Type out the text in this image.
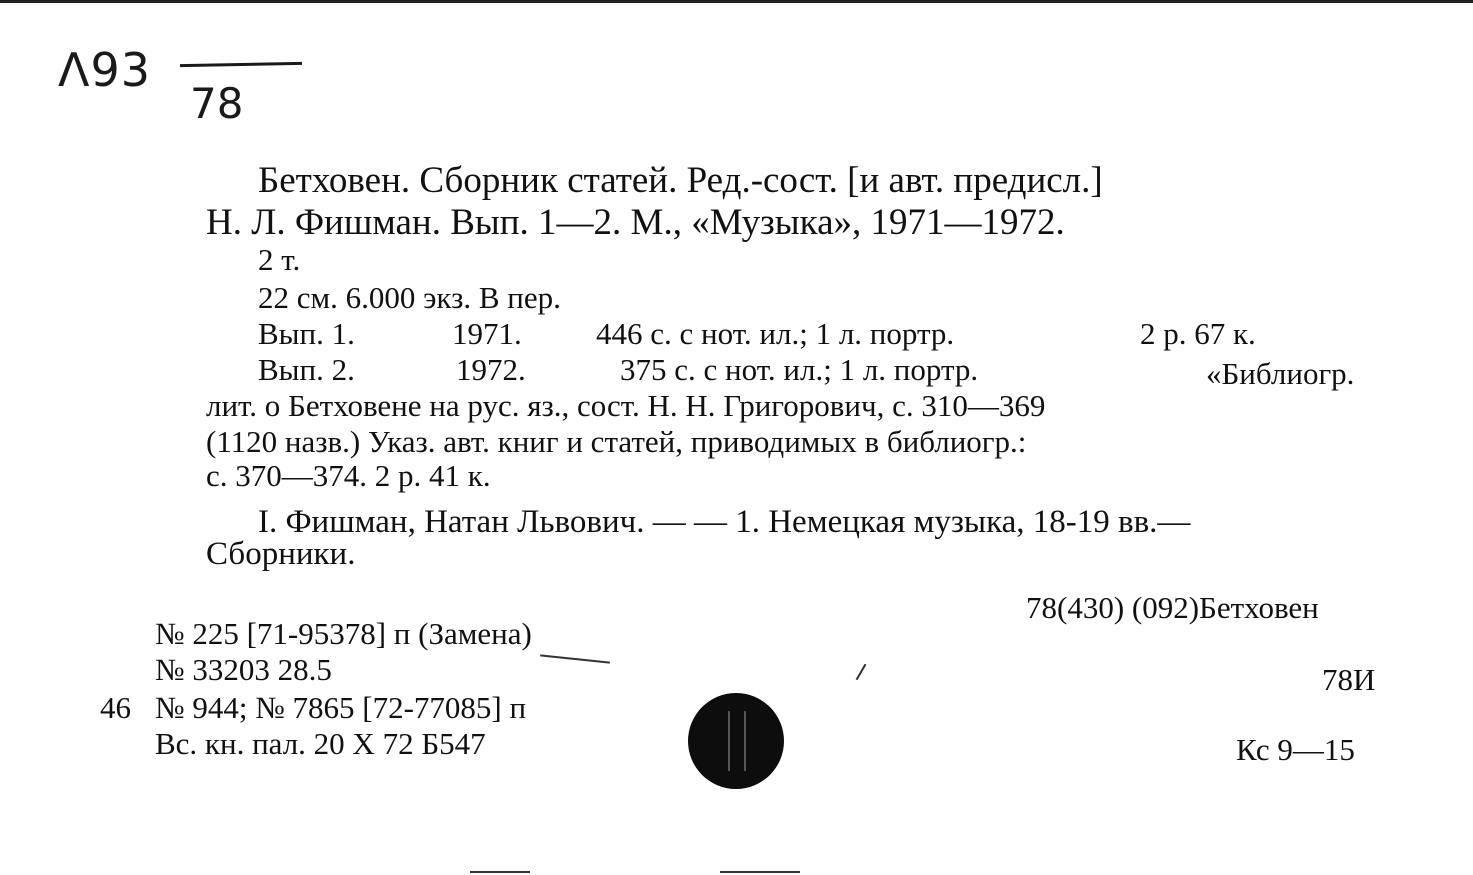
Λ93
78
Бетховен. Сборник статей. Ред.-сост. [и авт. предисл.]
Н. Л. Фишман. Вып. 1—2. М., «Музыка», 1971—1972.
2 т.
22 см. 6.000 экз. В пер.
Вып. 1.	1971. 446 с. с нот. ил.; 1 л. портр.	2 р. 67 к.
Вып. 2.	1972.	375 с. с нот. ил.; 1 л. портр.	«Библиогр.
лит. о Бетховене на рус. яз., сост. Н. Н. Григорович, с. 310—369
(1120 назв.) Указ. авт. книг и статей, приводимых в библиогр.:
с. 370—374. 2 р. 41 к.
I. Фишман, Натан Львович. — — 1. Немецкая музыка, 18-19 вв.—
Сборники.
№ 225 [71-95378] п (Замена)
№ 33203 28.5
46 № 944; № 7865 [72-77085] п
Вс. кн. пал. 20 X 72 Б547
78(430) (092)Бетховен
78И
Кс 9—15
